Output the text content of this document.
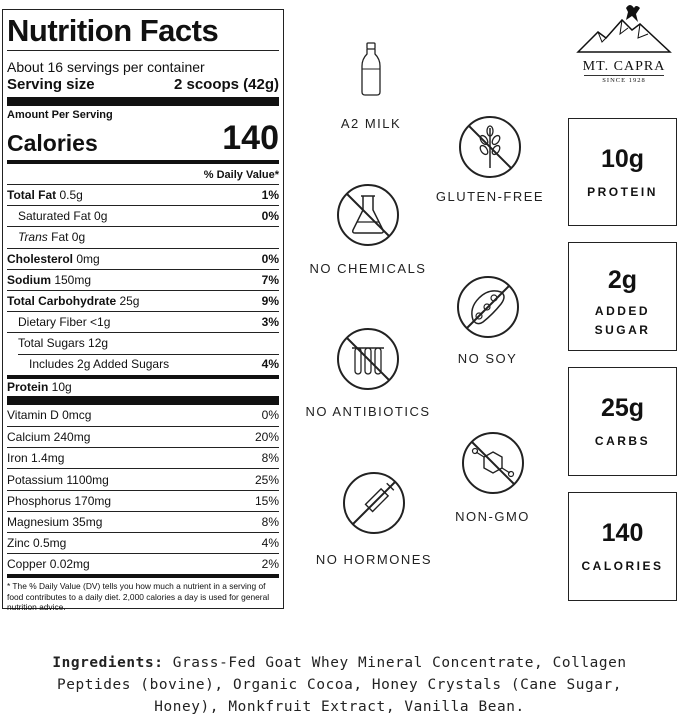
Nutrition Facts
About 16 servings per container
Serving size	2 scoops (42g)
Amount Per Serving
Calories	140
% Daily Value*
Total Fat 0.5g	1%
Saturated Fat 0g	0%
Trans Fat 0g
Cholesterol 0mg	0%
Sodium 150mg	7%
Total Carbohydrate 25g	9%
Dietary Fiber <1g	3%
Total Sugars 12g
Includes 2g Added Sugars	4%
Protein 10g
Vitamin D 0mcg	0%
Calcium 240mg	20%
Iron 1.4mg	8%
Potassium 1100mg	25%
Phosphorus 170mg	15%
Magnesium 35mg	8%
Zinc 0.5mg	4%
Copper 0.02mg	2%
* The % Daily Value (DV) tells you how much a nutrient in a serving of food contributes to a daily diet. 2,000 calories a day is used for general nutrition advice.
A2 MILK
GLUTEN-FREE
NO CHEMICALS
NO SOY
NO ANTIBIOTICS
NON-GMO
NO HORMONES
MT. CAPRA
SINCE 1928
10g
PROTEIN
2g
ADDED SUGAR
25g
CARBS
140
CALORIES
Ingredients: Grass-Fed Goat Whey Mineral Concentrate, Collagen Peptides (bovine), Organic Cocoa, Honey Crystals (Cane Sugar, Honey), Monkfruit Extract, Vanilla Bean.
